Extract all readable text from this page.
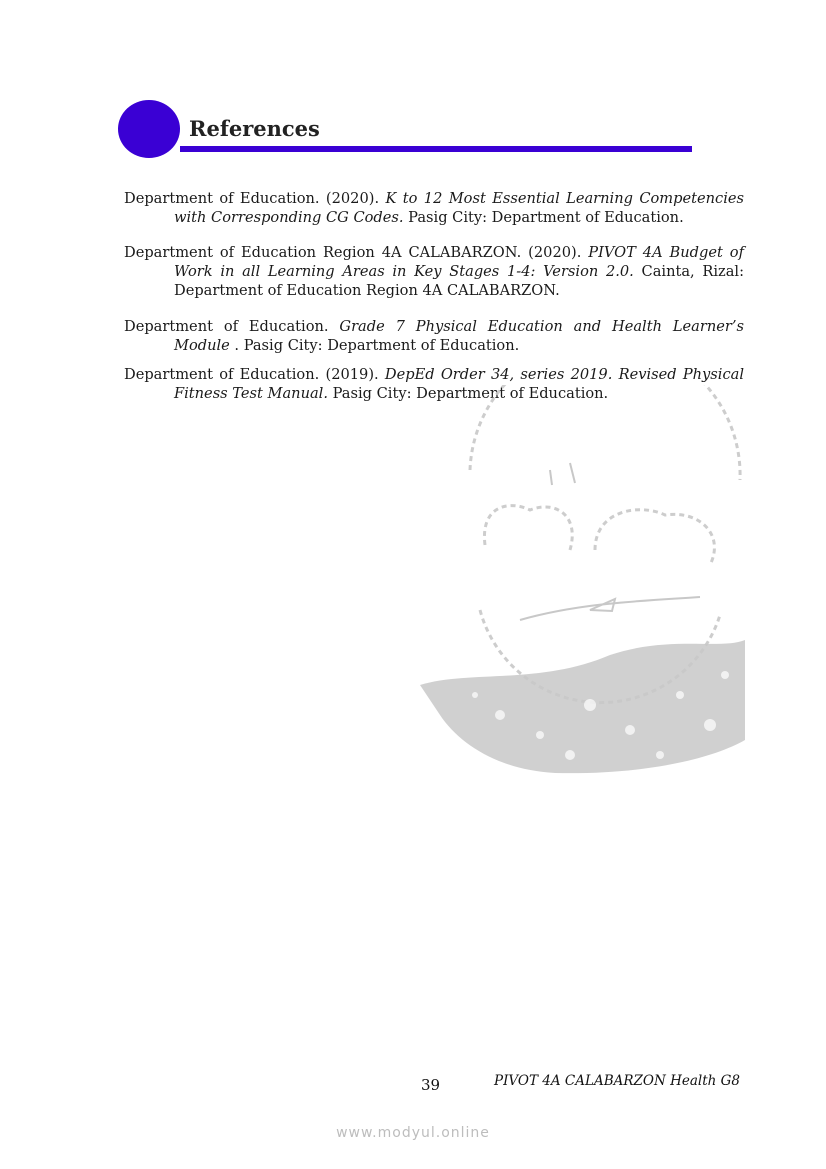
References

Department of Education. (2020). K to 12 Most Essential Learning Competencies with Corresponding CG Codes. Pasig City: Department of Education.

Department of Education Region 4A CALABARZON. (2020). PIVOT 4A Budget of Work in all Learning Areas in Key Stages 1-4: Version 2.0. Cainta, Rizal: Department of Education Region 4A CALABARZON.

Department of Education. Grade 7 Physical Education and Health Learner’s Module . Pasig City: Department of Education.

Department of Education. (2019). DepEd Order 34, series 2019. Revised Physical Fitness Test Manual. Pasig City: Department of Education.

39	PIVOT 4A CALABARZON Health G8
www.modyul.online
